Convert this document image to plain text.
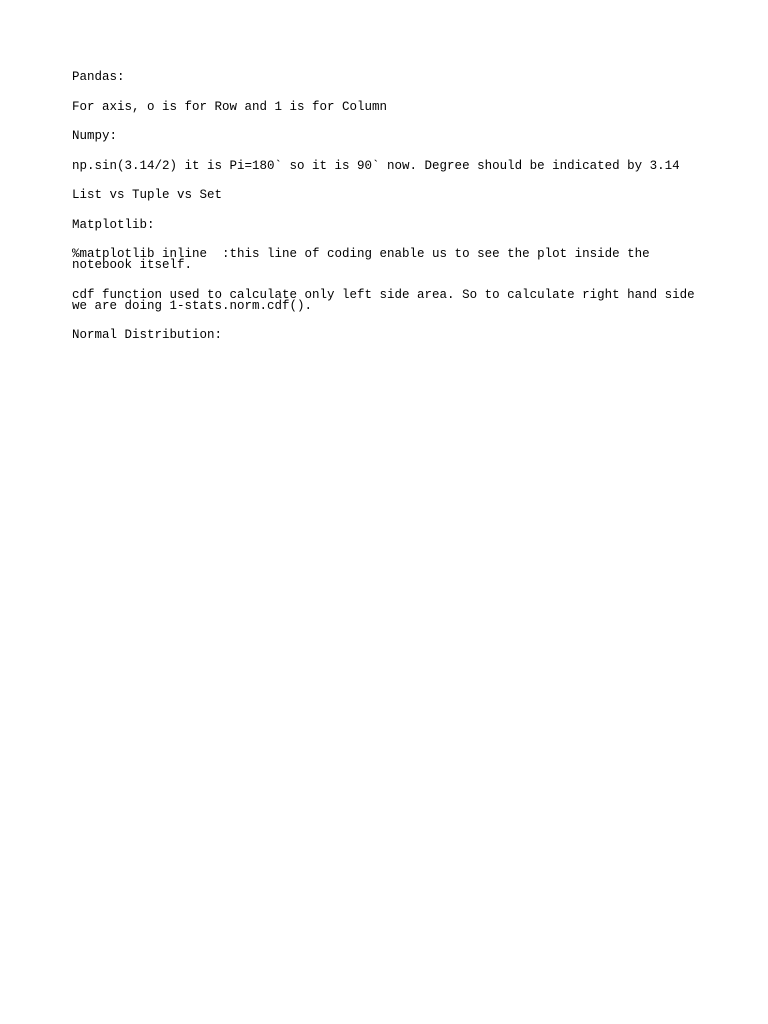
Pandas:

For axis, o is for Row and 1 is for Column

Numpy:

np.sin(3.14/2) it is Pi=180` so it is 90` now. Degree should be indicated by 3.14

List vs Tuple vs Set

Matplotlib:

%matplotlib inline  :this line of coding enable us to see the plot inside the
notebook itself.

cdf function used to calculate only left side area. So to calculate right hand side
we are doing 1-stats.norm.cdf().

Normal Distribution:
